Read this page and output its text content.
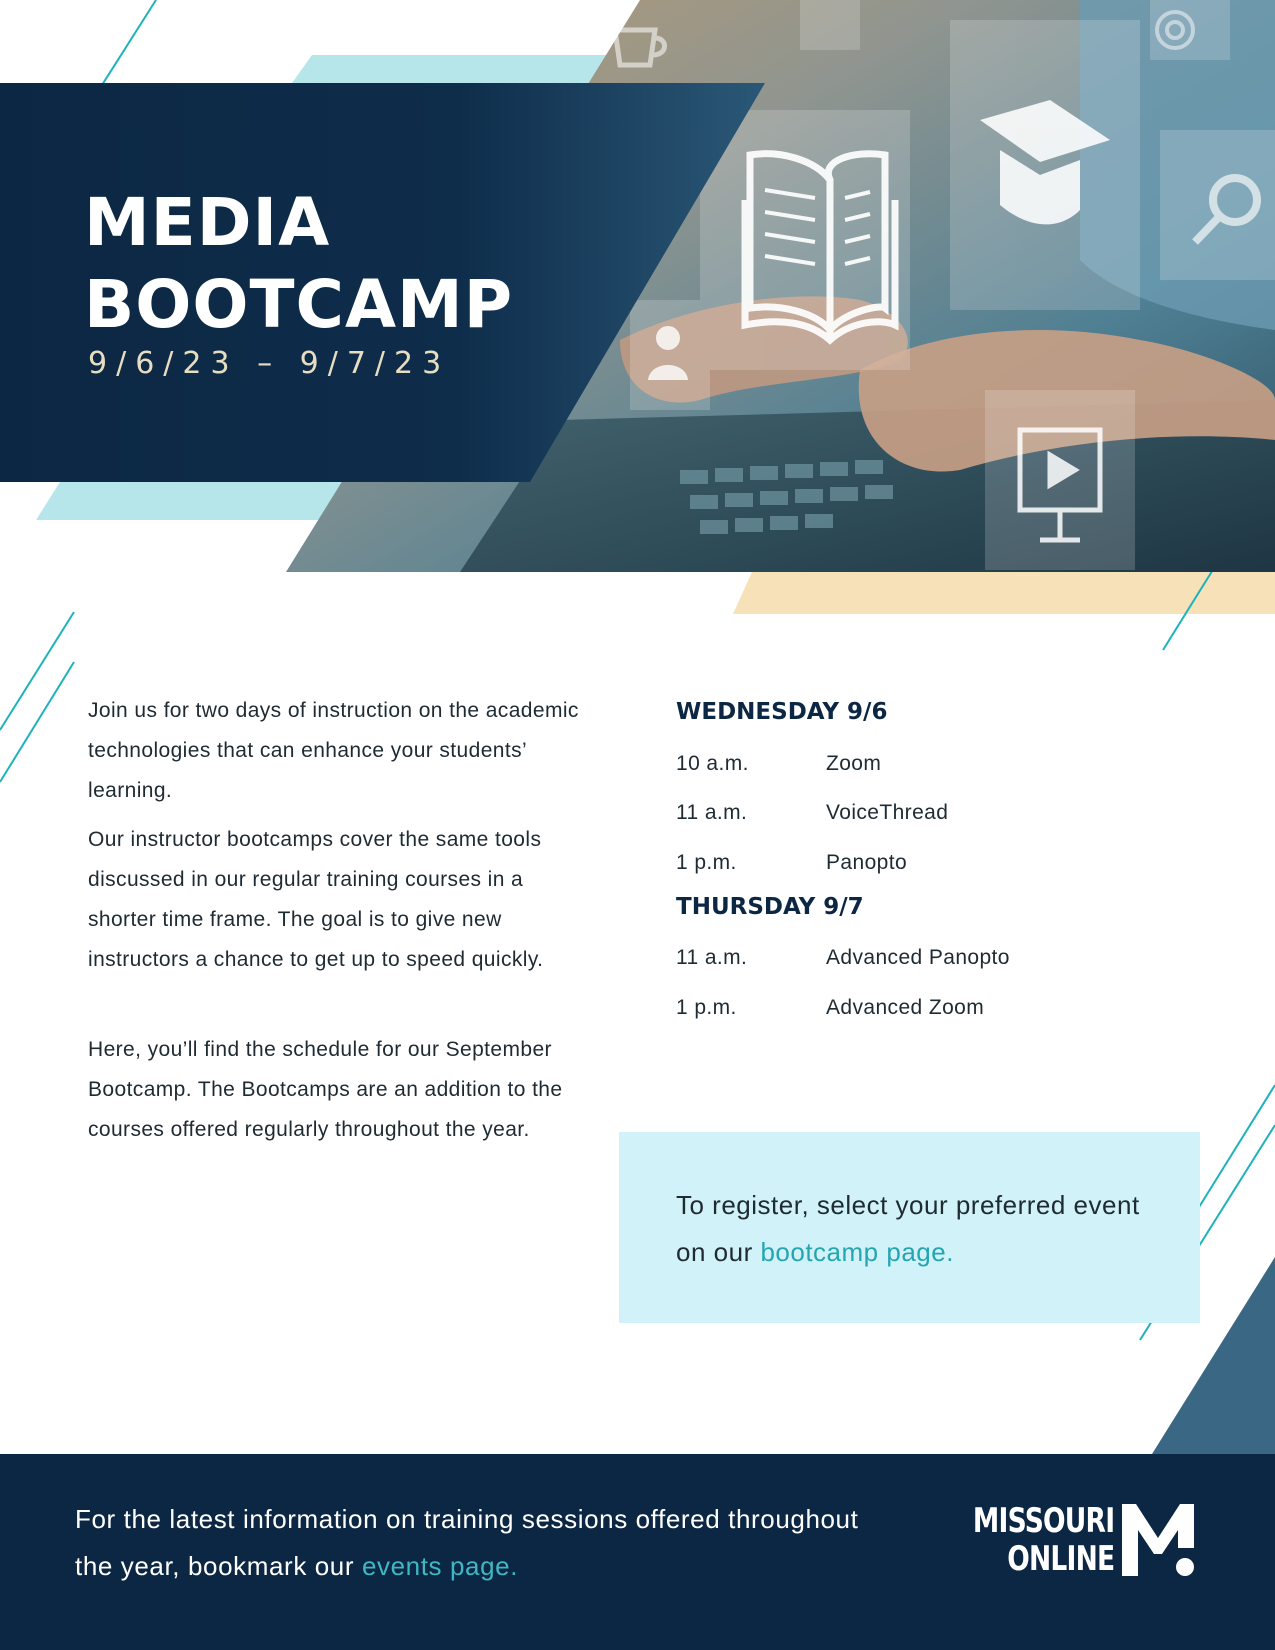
MEDIA
BOOTCAMP
9/6/23 – 9/7/23

Join us for two days of instruction on the academic technologies that can enhance your students’ learning.

Our instructor bootcamps cover the same tools discussed in our regular training courses in a shorter time frame. The goal is to give new instructors a chance to get up to speed quickly.

Here, you’ll find the schedule for our September Bootcamp. The Bootcamps are an addition to the courses offered regularly throughout the year.

WEDNESDAY 9/6
10 a.m.	Zoom
11 a.m.	VoiceThread
1 p.m.	Panopto
THURSDAY 9/7
11 a.m.	Advanced Panopto
1 p.m.	Advanced Zoom

To register, select your preferred event on our bootcamp page.

For the latest information on training sessions offered throughout the year, bookmark our events page.

MISSOURI
ONLINE
